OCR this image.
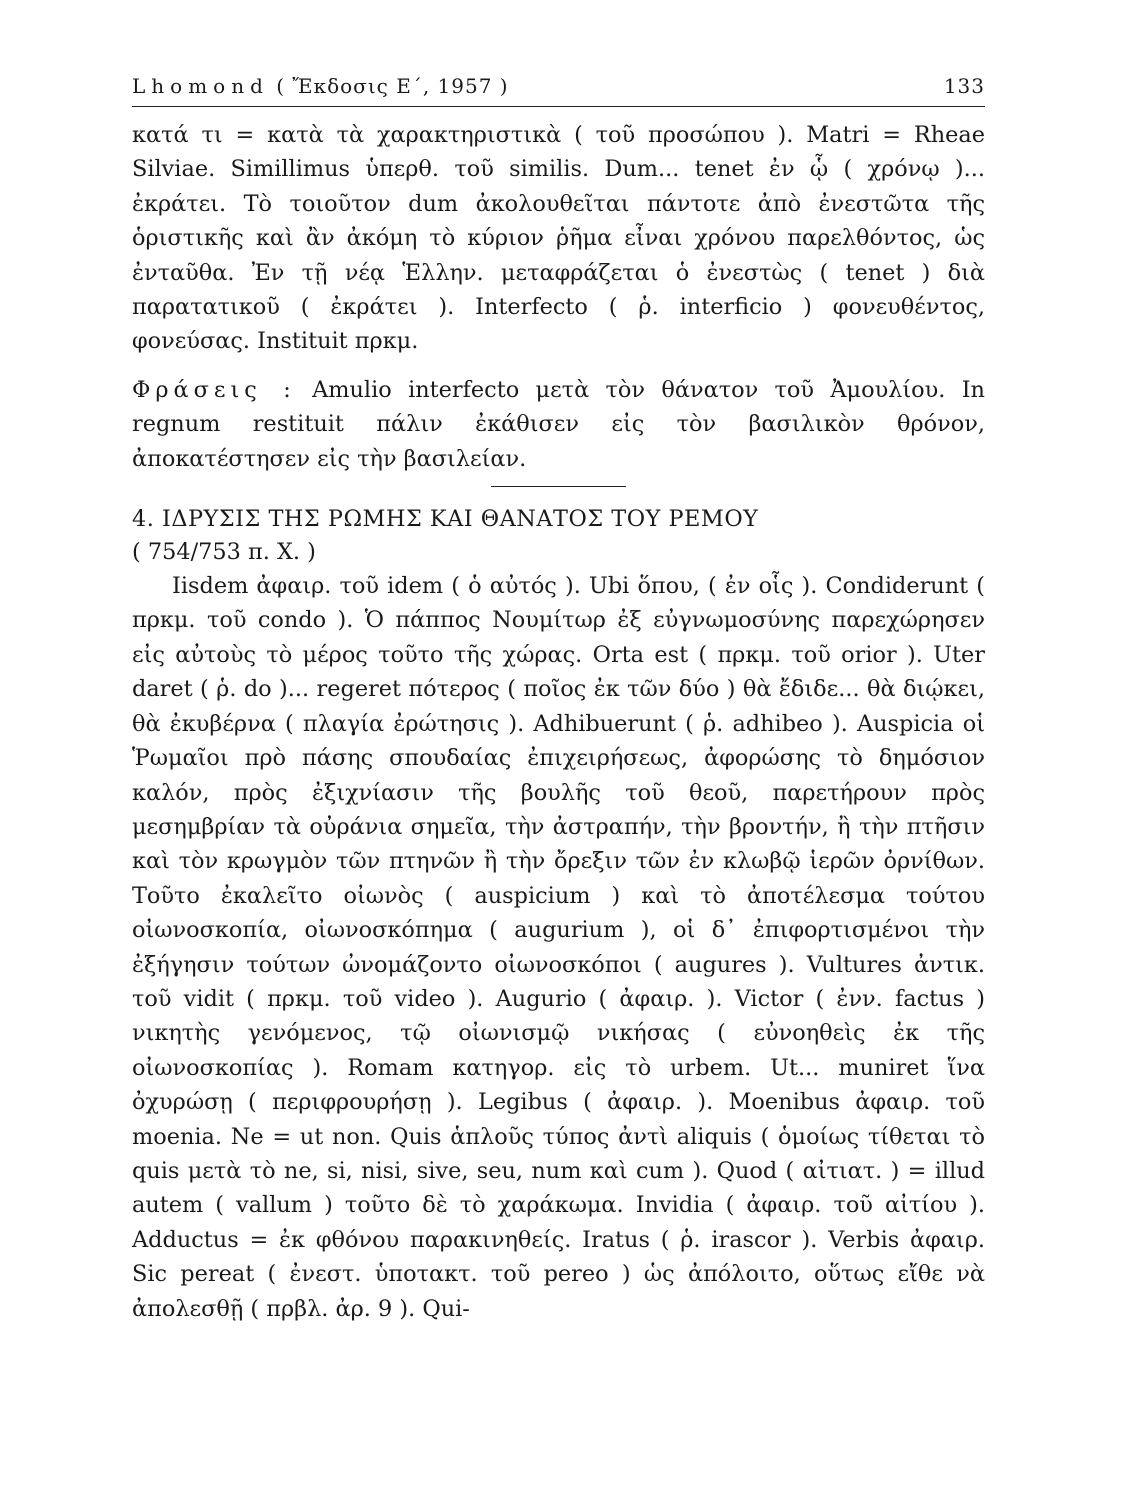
Lhomond ( Ἔκδοσις Ε΄, 1957 )	133

κατά τι = κατὰ τὰ χαρακτηριστικὰ ( τοῦ προσώπου ). Matri = Rheae Silviae. Simillimus ὑπερθ. τοῦ similis. Dum... tenet ἐν ᾧ ( χρόνῳ )... ἐκράτει. Τὸ τοιοῦτον dum ἀκολουθεῖται πάντοτε ἀπὸ ἐνεστῶτα τῆς ὁριστικῆς καὶ ἂν ἀκόμη τὸ κύριον ῥῆμα εἶναι χρόνου παρελθόντος, ὡς ἐνταῦθα. Ἐν τῇ νέᾳ Ἑλλην. μεταφράζεται ὁ ἐνεστὼς ( tenet ) διὰ παρατατικοῦ ( ἐκράτει ). Interfecto ( ῥ. interficio ) φονευθέντος, φονεύσας. Instituit πρκμ.

Φράσεις : Amulio interfecto μετὰ τὸν θάνατον τοῦ Ἀμουλίου. In regnum restituit πάλιν ἐκάθισεν εἰς τὸν βασιλικὸν θρόνον, ἀποκατέστησεν εἰς τὴν βασιλείαν.

4. ΙΔΡΥΣΙΣ ΤΗΣ ΡΩΜΗΣ ΚΑΙ ΘΑΝΑΤΟΣ ΤΟΥ ΡΕΜΟΥ

( 754/753 π. Χ. )

Iisdem ἀφαιρ. τοῦ idem ( ὁ αὐτός ). Ubi ὅπου, ( ἐν οἷς ). Condiderunt ( πρκμ. τοῦ condo ). Ὁ πάππος Νουμίτωρ ἐξ εὐγνωμοσύνης παρεχώρησεν εἰς αὐτοὺς τὸ μέρος τοῦτο τῆς χώρας. Orta est ( πρκμ. τοῦ orior ). Uter daret ( ῥ. do )... regeret πότερος ( ποῖος ἐκ τῶν δύο ) θὰ ἔδιδε... θὰ διῴκει, θὰ ἐκυβέρνα ( πλαγία ἐρώτησις ). Adhibuerunt ( ῥ. adhibeo ). Auspicia οἱ Ῥωμαῖοι πρὸ πάσης σπουδαίας ἐπιχειρήσεως, ἀφορώσης τὸ δημόσιον καλόν, πρὸς ἐξιχνίασιν τῆς βουλῆς τοῦ θεοῦ, παρετήρουν πρὸς μεσημβρίαν τὰ οὐράνια σημεῖα, τὴν ἀστραπήν, τὴν βροντήν, ἢ τὴν πτῆσιν καὶ τὸν κρωγμὸν τῶν πτηνῶν ἢ τὴν ὄρεξιν τῶν ἐν κλωβῷ ἱερῶν ὀρνίθων. Τοῦτο ἐκαλεῖτο οἰωνὸς ( auspicium ) καὶ τὸ ἀποτέλεσμα τούτου οἰωνοσκοπία, οἰωνοσκόπημα ( augurium ), οἱ δ᾽ ἐπιφορτισμένοι τὴν ἐξήγησιν τούτων ὠνομάζοντο οἰωνοσκόποι ( augures ). Vultures ἀντικ. τοῦ vidit ( πρκμ. τοῦ video ). Augurio ( ἀφαιρ. ). Victor ( ἐνν. factus ) νικητὴς γενόμενος, τῷ οἰωνισμῷ νικήσας ( εὐνοηθεὶς ἐκ τῆς οἰωνοσκοπίας ). Romam κατηγορ. εἰς τὸ urbem. Ut... muniret ἵνα ὀχυρώσῃ ( περιφρουρήσῃ ). Legibus ( ἀφαιρ. ). Moenibus ἀφαιρ. τοῦ moenia. Ne = ut non. Quis ἁπλοῦς τύπος ἀντὶ aliquis ( ὁμοίως τίθεται τὸ quis μετὰ τὸ ne, si, nisi, sive, seu, num καὶ cum ). Quod ( αἰτιατ. ) = illud autem ( vallum ) τοῦτο δὲ τὸ χαράκωμα. Invidia ( ἀφαιρ. τοῦ αἰτίου ). Adductus = ἐκ φθόνου παρακινηθείς. Iratus ( ῥ. irascor ). Verbis ἀφαιρ. Sic pereat ( ἐνεστ. ὑποτακτ. τοῦ pereo ) ὡς ἀπόλοιτο, οὕτως εἴθε νὰ ἀπολεσθῇ ( πρβλ. ἀρ. 9 ). Qui-
